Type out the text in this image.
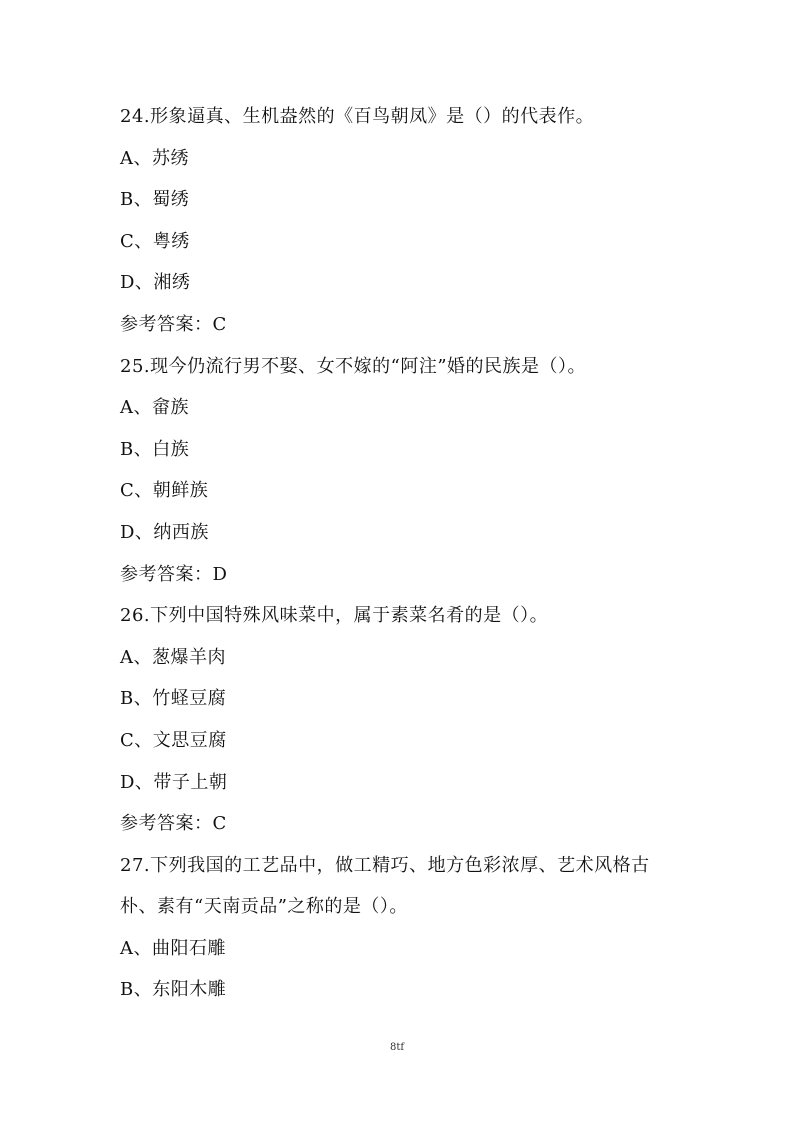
24.形象逼真、生机盎然的《百鸟朝凤》是（）的代表作。
A、苏绣
B、蜀绣
C、粤绣
D、湘绣
参考答案：C
25.现今仍流行男不娶、女不嫁的“阿注”婚的民族是（）。
A、畲族
B、白族
C、朝鲜族
D、纳西族
参考答案：D
26.下列中国特殊风味菜中，属于素菜名肴的是（）。
A、葱爆羊肉
B、竹蛏豆腐
C、文思豆腐
D、带子上朝
参考答案：C
27.下列我国的工艺品中，做工精巧、地方色彩浓厚、艺术风格古
朴、素有“天南贡品”之称的是（）。
A、曲阳石雕
B、东阳木雕
8tf
